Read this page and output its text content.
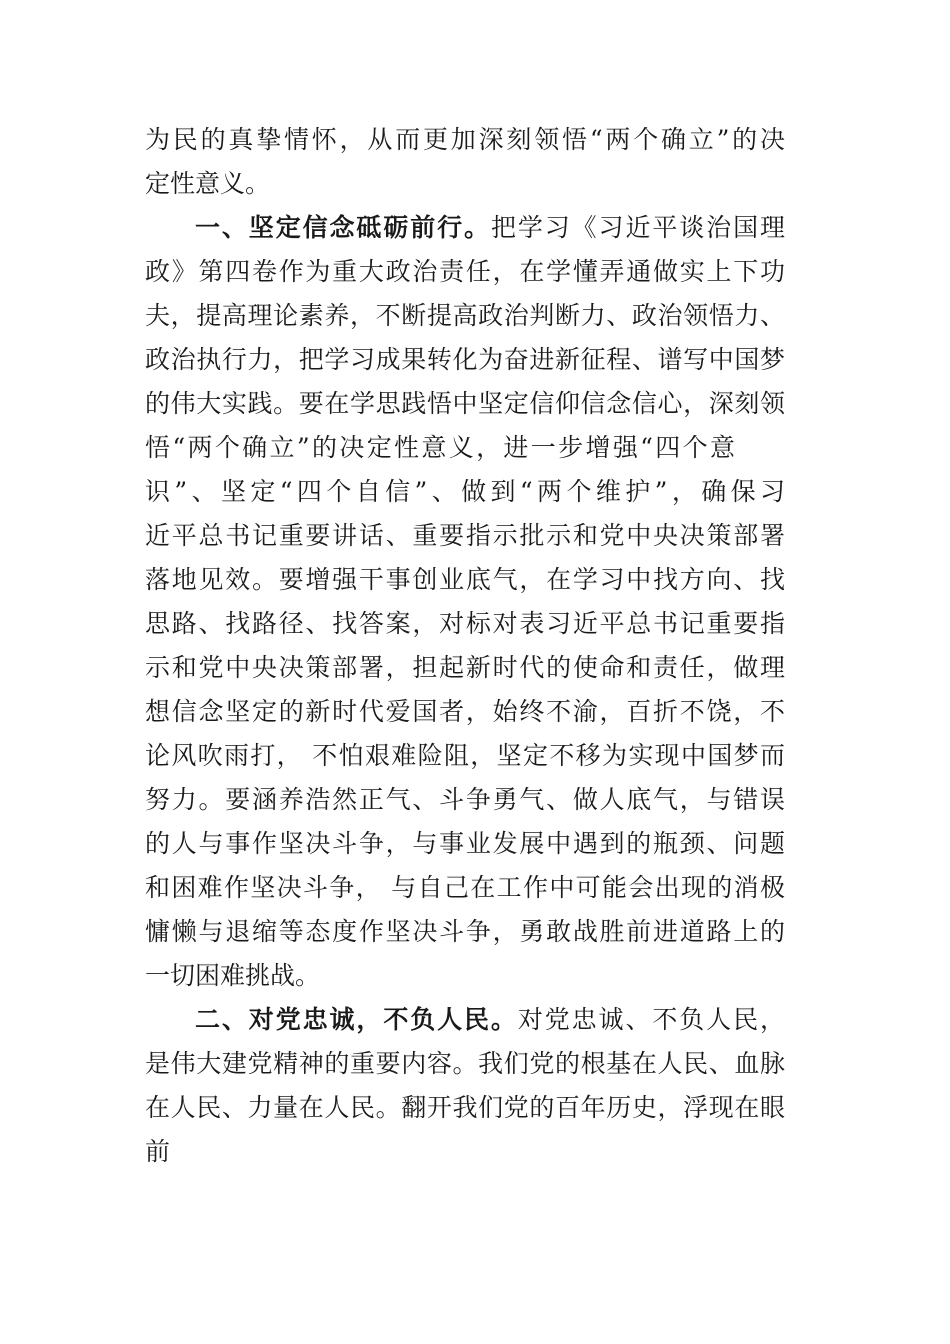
为民的真挚情怀，从而更加深刻领悟“两个确立”的决
定性意义。
一、坚定信念砥砺前行。把学习《习近平谈治国理
政》第四卷作为重大政治责任，在学懂弄通做实上下功
夫，提高理论素养，不断提高政治判断力、政治领悟力、
政治执行力，把学习成果转化为奋进新征程、谱写中国梦
的伟大实践。要在学思践悟中坚定信仰信念信心，深刻领
悟“两个确立”的决定性意义，进一步增强“四个意
识”、坚定“四个自信”、做到“两个维护”，确保习
近平总书记重要讲话、重要指示批示和党中央决策部署
落地见效。要增强干事创业底气，在学习中找方向、找
思路、找路径、找答案，对标对表习近平总书记重要指
示和党中央决策部署，担起新时代的使命和责任，做理
想信念坚定的新时代爱国者，始终不渝，百折不饶，不
论风吹雨打， 不怕艰难险阻，坚定不移为实现中国梦而
努力。要涵养浩然正气、斗争勇气、做人底气，与错误
的人与事作坚决斗争，与事业发展中遇到的瓶颈、问题
和困难作坚决斗争， 与自己在工作中可能会出现的消极
慵懒与退缩等态度作坚决斗争，勇敢战胜前进道路上的
一切困难挑战。
二、对党忠诚，不负人民。对党忠诚、不负人民，
是伟大建党精神的重要内容。我们党的根基在人民、血脉
在人民、力量在人民。翻开我们党的百年历史，浮现在眼
前
